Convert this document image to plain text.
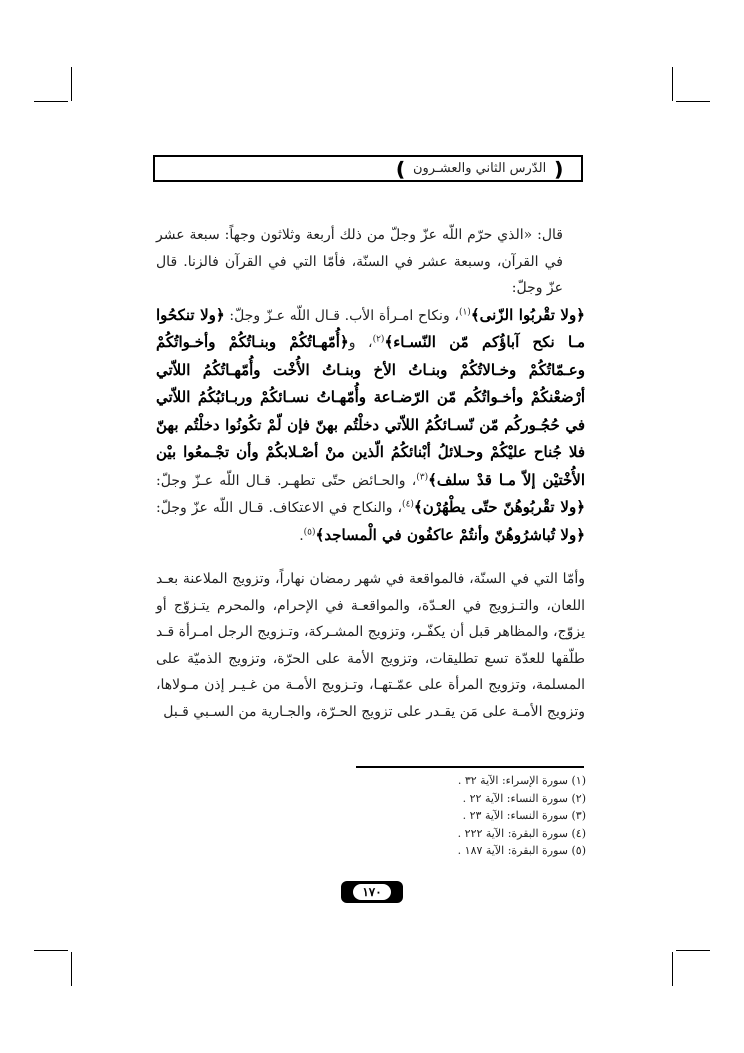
❪
الدّرس الثاني والعشـرون
❫

قال: «الذي حرّم اللّه عزّ وجلّ من ذلك أربعة وثلاثون وجهاً: سبعة عشر في القرآن، وسبعة عشر في السنّة، فأمّا التي في القرآن فالزنا. قال عزّ وجلّ:﴿ولا تقْربُوا الزّنى﴾$^{(١)}$، ونكاح امـرأة الأب. قـال اللّه عـزّ وجلّ: ﴿ولا تنكحُوا مـا نكح آباؤُكم مّن النّسـاء﴾$^{(٢)}$، و﴿أُمّهـاتُكُمْ وبنـاتُكُمْ وأخـواتُكُمْ وعـمّاتُكُمْ وخـالاتُكُمْ وبنـاتُ الأخ وبنـاتُ الأُخْت وأُمّهـاتُكُمُ اللاّتي أرْضعْنكُمْ وأخـواتُكُم مّن الرّضـاعة وأُمّهـاتُ نسـائكُمْ وربـائبُكُمُ اللاّتي في حُجُـوركُم مّن نّسـائكُمُ اللاّتي دخلْتُم بهنّ فإن لّمْ تكُونُوا دخلْتُم بهنّ فلا جُناح عليْكُمْ وحـلائلُ أبْنائكُمُ الّذين منْ أصْـلابكُمْ وأن تجْـمعُوا بيْن الأُخْتيْن إلاّ مـا قدْ سلف﴾$^{(٣)}$، والحـائض حتّى تطهـر. قـال اللّه عـزّ وجلّ: ﴿ولا تقْربُوهُنّ حتّى يطْهُرْن﴾$^{(٤)}$، والنكاح في الاعتكاف. قـال اللّه عزّ وجلّ: ﴿ولا تُباشرُوهُنّ وأنتُمْ عاكفُون في الْمساجد﴾$^{(٥)}$.

وأمّا التي في السنّة، فالمواقعة في شهر رمضان نهاراً، وتزويج الملاعنة بعـد اللعان، والتـزويج في العـدّة، والمواقعـة في الإحرام، والمحرم يتـزوّج أو يزوّج، والمظاهر قبل أن يكفّـر، وتزويج المشـركة، وتـزويج الرجل امـرأة قـد طلّقها للعدّة تسع تطليقات، وتزويج الأمة على الحرّة، وتزويج الذميّة على المسلمة، وتزويج المرأة على عمّـتهـا، وتـزويج الأمـة من غـيـر إذن مـولاها، وتزويج الأمـة على مَن يقـدر على تزويج الحـرّة، والجـارية من السـبي قـبل

(١) سورة الإسراء: الآية ٣٢ .
(٢) سورة النساء: الآية ٢٢ .
(٣) سورة النساء: الآية ٢٣ .
(٤) سورة البقرة: الآية ٢٢٢ .
(٥) سورة البقرة: الآية ١٨٧ .
١٧٠
